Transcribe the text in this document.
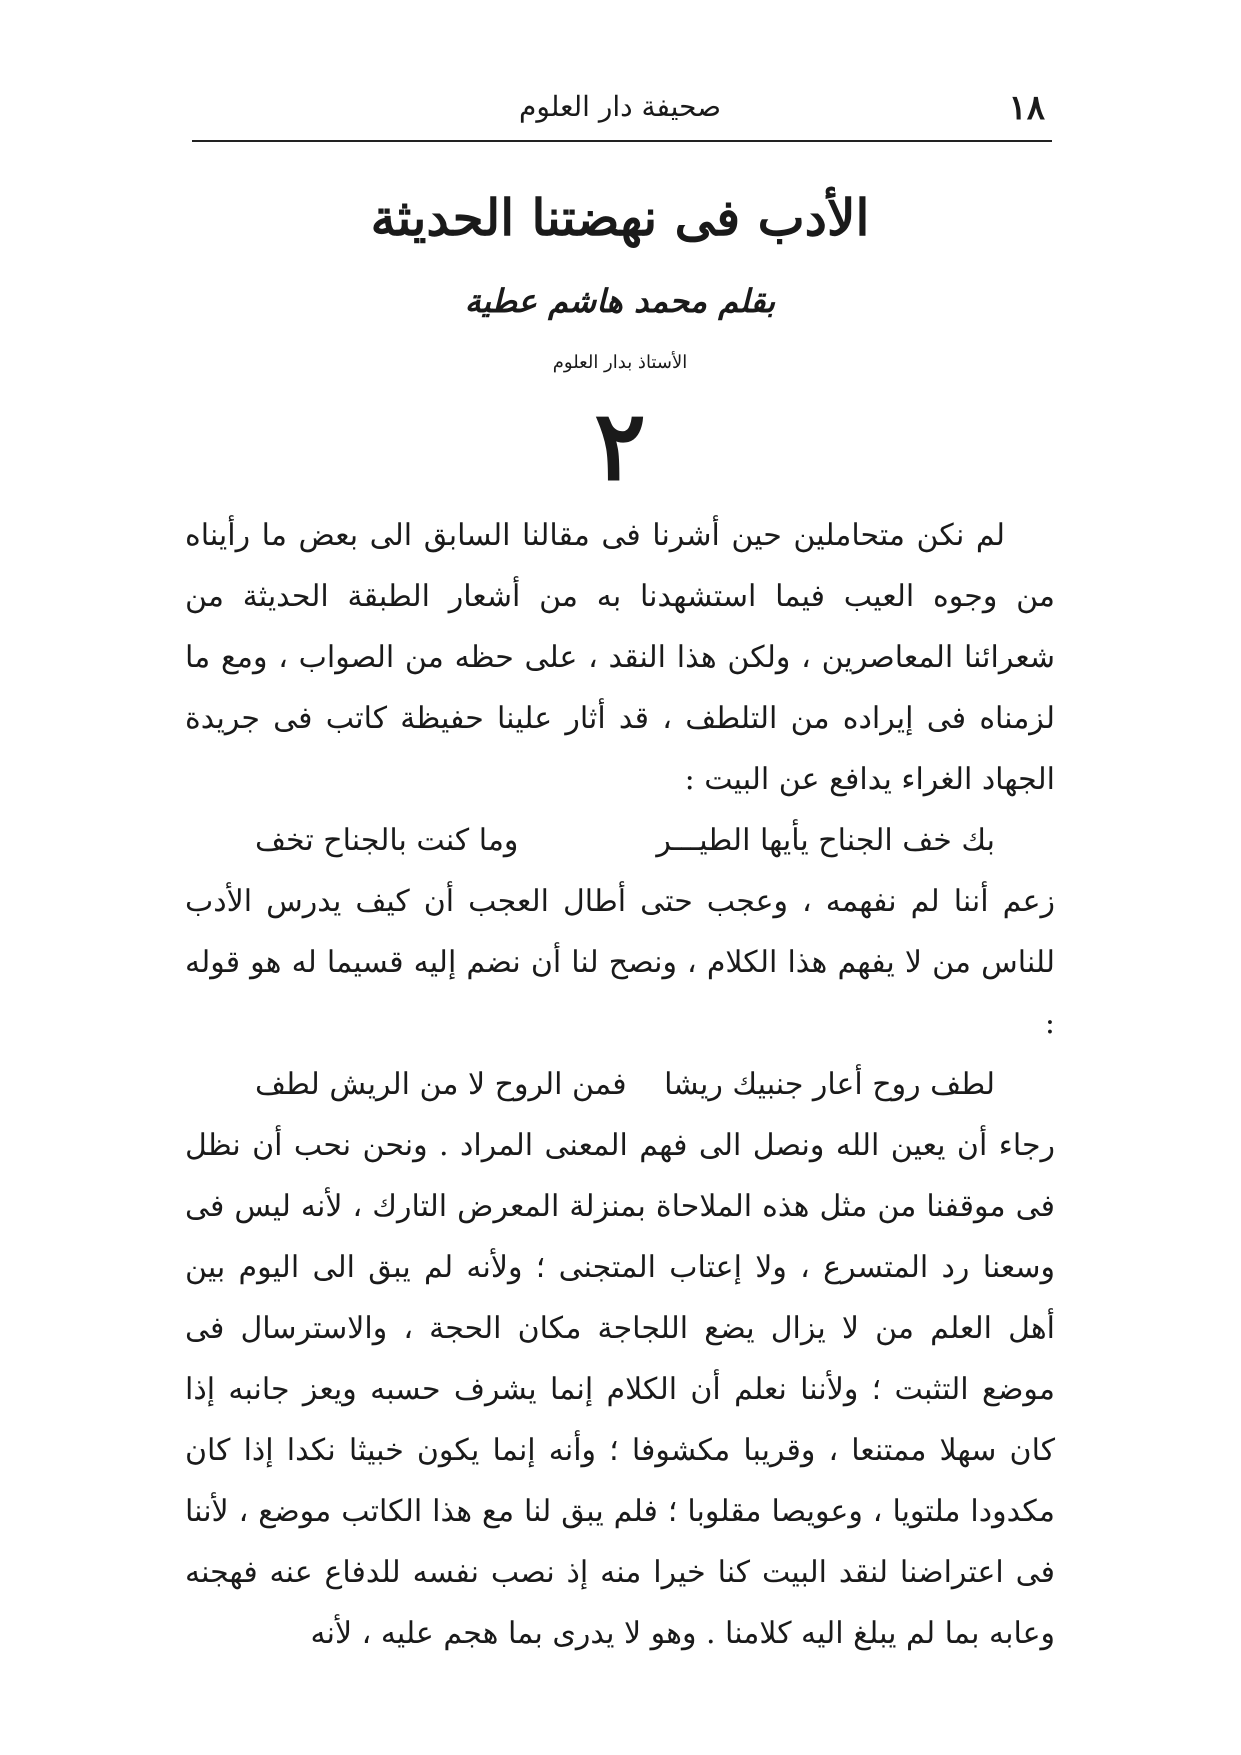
١٨
صحيفة دار العلوم
الأدب فى نهضتنا الحديثة
بقلم محمد هاشم عطية
الأستاذ بدار العلوم
٢

لم نكن متحاملين حين أشرنا فى مقالنا السابق الى بعض ما رأيناه من وجوه العيب فيما استشهدنا به من أشعار الطبقة الحديثة من شعرائنا المعاصرين ، ولكن هذا النقد ، على حظه من الصواب ، ومع ما لزمناه فى إيراده من التلطف ، قد أثار علينا حفيظة كاتب فى جريدة الجهاد الغراء يدافع عن البيت :

بك خف الجناح يأيها الطيـــر
وما كنت بالجناح تخف

زعم أننا لم نفهمه ، وعجب حتى أطال العجب أن كيف يدرس الأدب للناس من لا يفهم هذا الكلام ، ونصح لنا أن نضم إليه قسيما له هو قوله :

لطف روح أعار جنبيك ريشا
فمن الروح لا من الريش لطف

رجاء أن يعين الله ونصل الى فهم المعنى المراد . ونحن نحب أن نظل فى موقفنا من مثل هذه الملاحاة بمنزلة المعرض التارك ، لأنه ليس فى وسعنا رد المتسرع ، ولا إعتاب المتجنى ؛ ولأنه لم يبق الى اليوم بين أهل العلم من لا يزال يضع اللجاجة مكان الحجة ، والاسترسال فى موضع التثبت ؛ ولأننا نعلم أن الكلام إنما يشرف حسبه ويعز جانبه إذا كان سهلا ممتنعا ، وقريبا مكشوفا ؛ وأنه إنما يكون خبيثا نكدا إذا كان مكدودا ملتويا ، وعويصا مقلوبا ؛ فلم يبق لنا مع هذا الكاتب موضع ، لأننا فى اعتراضنا لنقد البيت كنا خيرا منه إذ نصب نفسه للدفاع عنه فهجنه وعابه بما لم يبلغ اليه كلامنا . وهو لا يدرى بما هجم عليه ، لأنه
